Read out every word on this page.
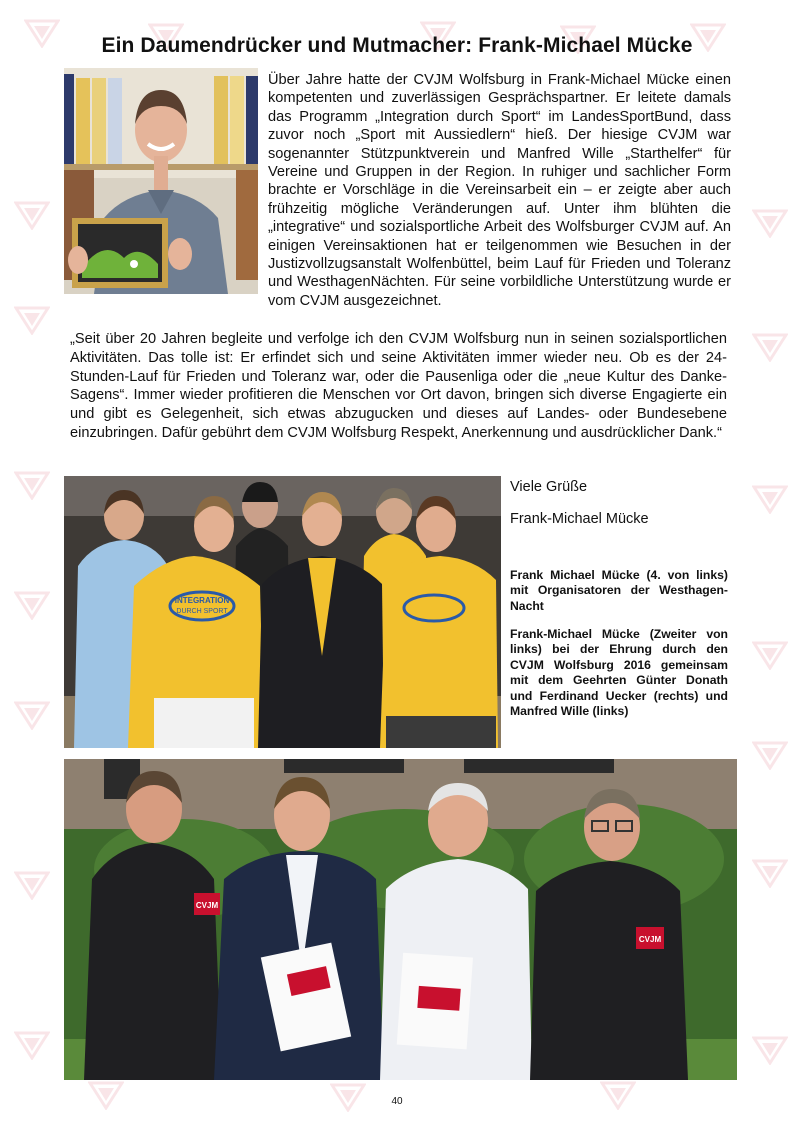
Ein Daumendrücker und Mutmacher: Frank-Michael Mücke

Über Jahre hatte der CVJM Wolfsburg in Frank-Michael Mücke einen kompetenten und zuverlässigen Gesprächspartner. Er leitete damals das Programm „Integration durch Sport“ im LandesSportBund, dass zuvor noch „Sport mit Aussiedlern“ hieß. Der hiesige CVJM war sogenannter Stützpunktverein und Manfred Wille „Starthelfer“ für Vereine und Gruppen in der Region. In ruhiger und sachlicher Form brachte er Vorschläge in die Vereinsarbeit ein – er zeigte aber auch frühzeitig mögliche Veränderungen auf. Unter ihm blühten die „integrative“ und sozialsportliche Arbeit des Wolfsburger CVJM auf. An einigen Vereinsaktionen hat er teilgenommen wie Besuchen in der Justizvollzugsanstalt Wolfenbüttel, beim Lauf für Frieden und Toleranz und WesthagenNächten. Für seine vorbildliche Unterstützung wurde er vom CVJM ausgezeichnet.

„Seit über 20 Jahren begleite und verfolge ich den CVJM Wolfsburg nun in seinen sozialsportlichen Aktivitäten. Das tolle ist: Er erfindet sich und seine Aktivitäten immer wieder neu. Ob es der 24-Stunden-Lauf für Frieden und Toleranz war, oder die Pausenliga oder die „neue Kultur des Danke-Sagens“. Immer wieder profitieren die Menschen vor Ort davon, bringen sich diverse Engagierte ein und gibt es Gelegenheit, sich etwas abzugucken und dieses auf Landes- oder Bundesebene einzubringen. Dafür gebührt dem CVJM Wolfsburg Respekt, Anerkennung und ausdrücklicher Dank.“

INTEGRATION
DURCH SPORT

Viele Grüße

Frank-Michael Mücke

Frank Michael Mücke (4. von links) mit Organisatoren der Westhagen-Nacht

Frank-Michael Mücke (Zweiter von links) bei der Ehrung durch den CVJM Wolfsburg 2016 gemeinsam mit dem Geehrten Günter Donath und Ferdinand Uecker (rechts) und Manfred Wille (links)

CVJM
CVJM

40
